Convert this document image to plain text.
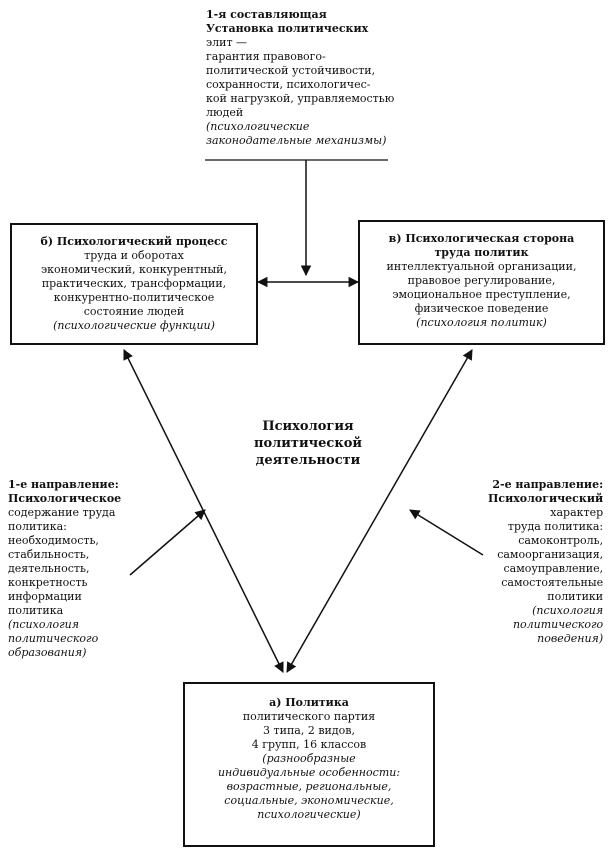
1-я составляющая
Установка политических
элит —
гарантия правового-
политической устойчивости,
сохранности, психологичес-
кой нагрузкой, управляемостью
людей
(психологические
законодательные механизмы)
б) Психологический процесс
труда и оборотах
экономический, конкурентный,
практических, трансформации,
конкурентно-политическое
состояние людей
(психологические функции)
в) Психологическая сторона
труда политик
интеллектуальной организации,
правовое регулирование,
эмоциональное преступление,
физическое поведение
(психология политик)
Психология
политической
деятельности
1-е направление:
Психологическое
содержание труда
политика:
необходимость,
стабильность,
деятельность,
конкретность
информации
политика
(психология
политического
образования)
2-е направление:
Психологический
характер
труда политика:
самоконтроль,
самоорганизация,
самоуправление,
самостоятельные
политики
(психология
политического
поведения)
а) Политика
политического партия
3 типа, 2 видов,
4 групп, 16 классов
(разнообразные
индивидуальные особенности:
возрастные, региональные,
социальные, экономические,
психологические)
